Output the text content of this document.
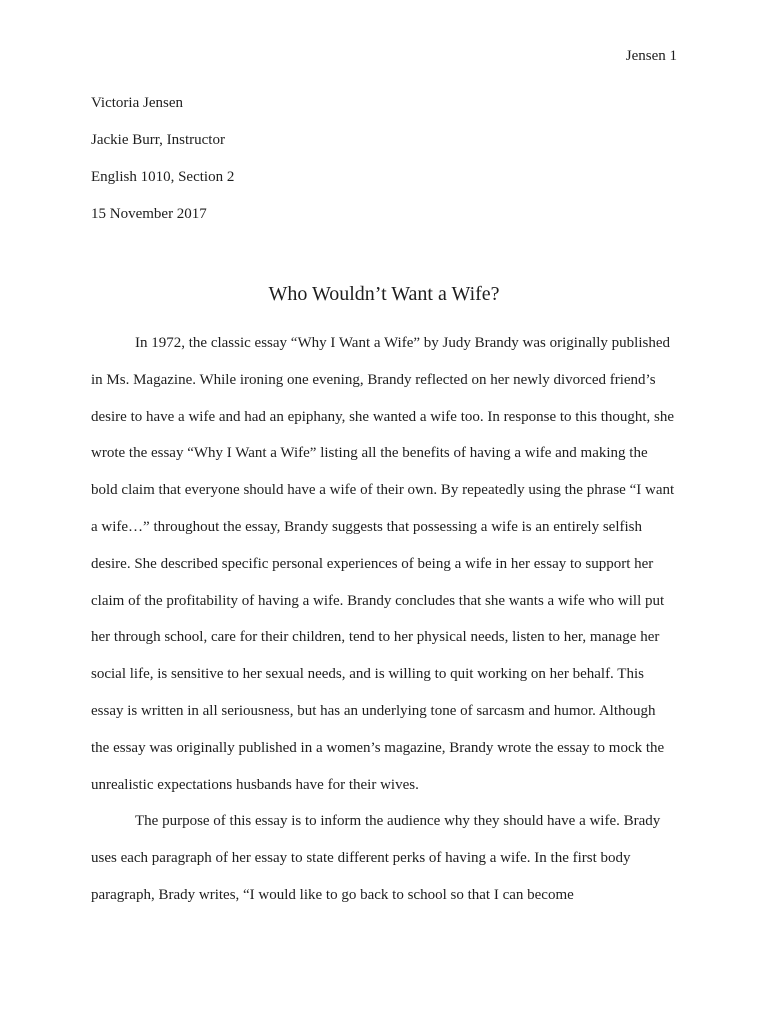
Jensen 1
Victoria Jensen
Jackie Burr, Instructor
English 1010, Section 2
15 November 2017
Who Wouldn’t Want a Wife?
In 1972, the classic essay “Why I Want a Wife” by Judy Brandy was originally published
in Ms. Magazine. While ironing one evening, Brandy reflected on her newly divorced friend’s
desire to have a wife and had an epiphany, she wanted a wife too. In response to this thought, she
wrote the essay “Why I Want a Wife” listing all the benefits of having a wife and making the
bold claim that everyone should have a wife of their own. By repeatedly using the phrase “I want
a wife…” throughout the essay, Brandy suggests that possessing a wife is an entirely selfish
desire. She described specific personal experiences of being a wife in her essay to support her
claim of the profitability of having a wife. Brandy concludes that she wants a wife who will put
her through school, care for their children, tend to her physical needs, listen to her, manage her
social life, is sensitive to her sexual needs, and is willing to quit working on her behalf. This
essay is written in all seriousness, but has an underlying tone of sarcasm and humor. Although
the essay was originally published in a women’s magazine, Brandy wrote the essay to mock the
unrealistic expectations husbands have for their wives.
The purpose of this essay is to inform the audience why they should have a wife. Brady
uses each paragraph of her essay to state different perks of having a wife. In the first body
paragraph, Brady writes, “I would like to go back to school so that I can become
